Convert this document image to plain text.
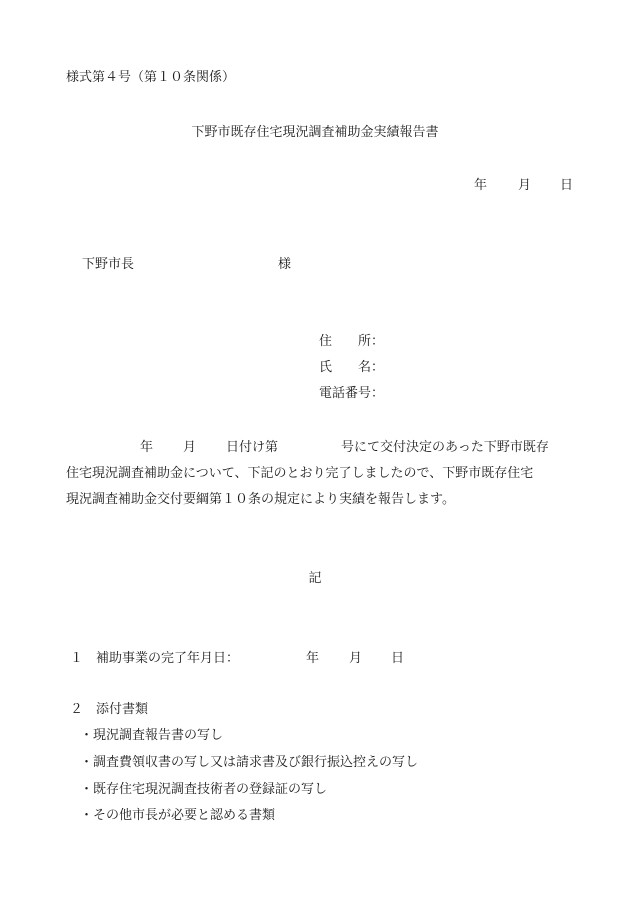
様式第４号（第１０条関係）
下野市既存住宅現況調査補助金実績報告書
年 月 日
下野市長	様
住　　所：
氏　　名：
電話番号：
年 月 日付け第	号にて交付決定のあった下野市既存
住宅現況調査補助金について、下記のとおり完了しましたので、下野市既存住宅
現況調査補助金交付要綱第１０条の規定により実績を報告します。
記
１　補助事業の完了年月日：	年 月 日
２　添付書類
・現況調査報告書の写し
・調査費領収書の写し又は請求書及び銀行振込控えの写し
・既存住宅現況調査技術者の登録証の写し
・その他市長が必要と認める書類
